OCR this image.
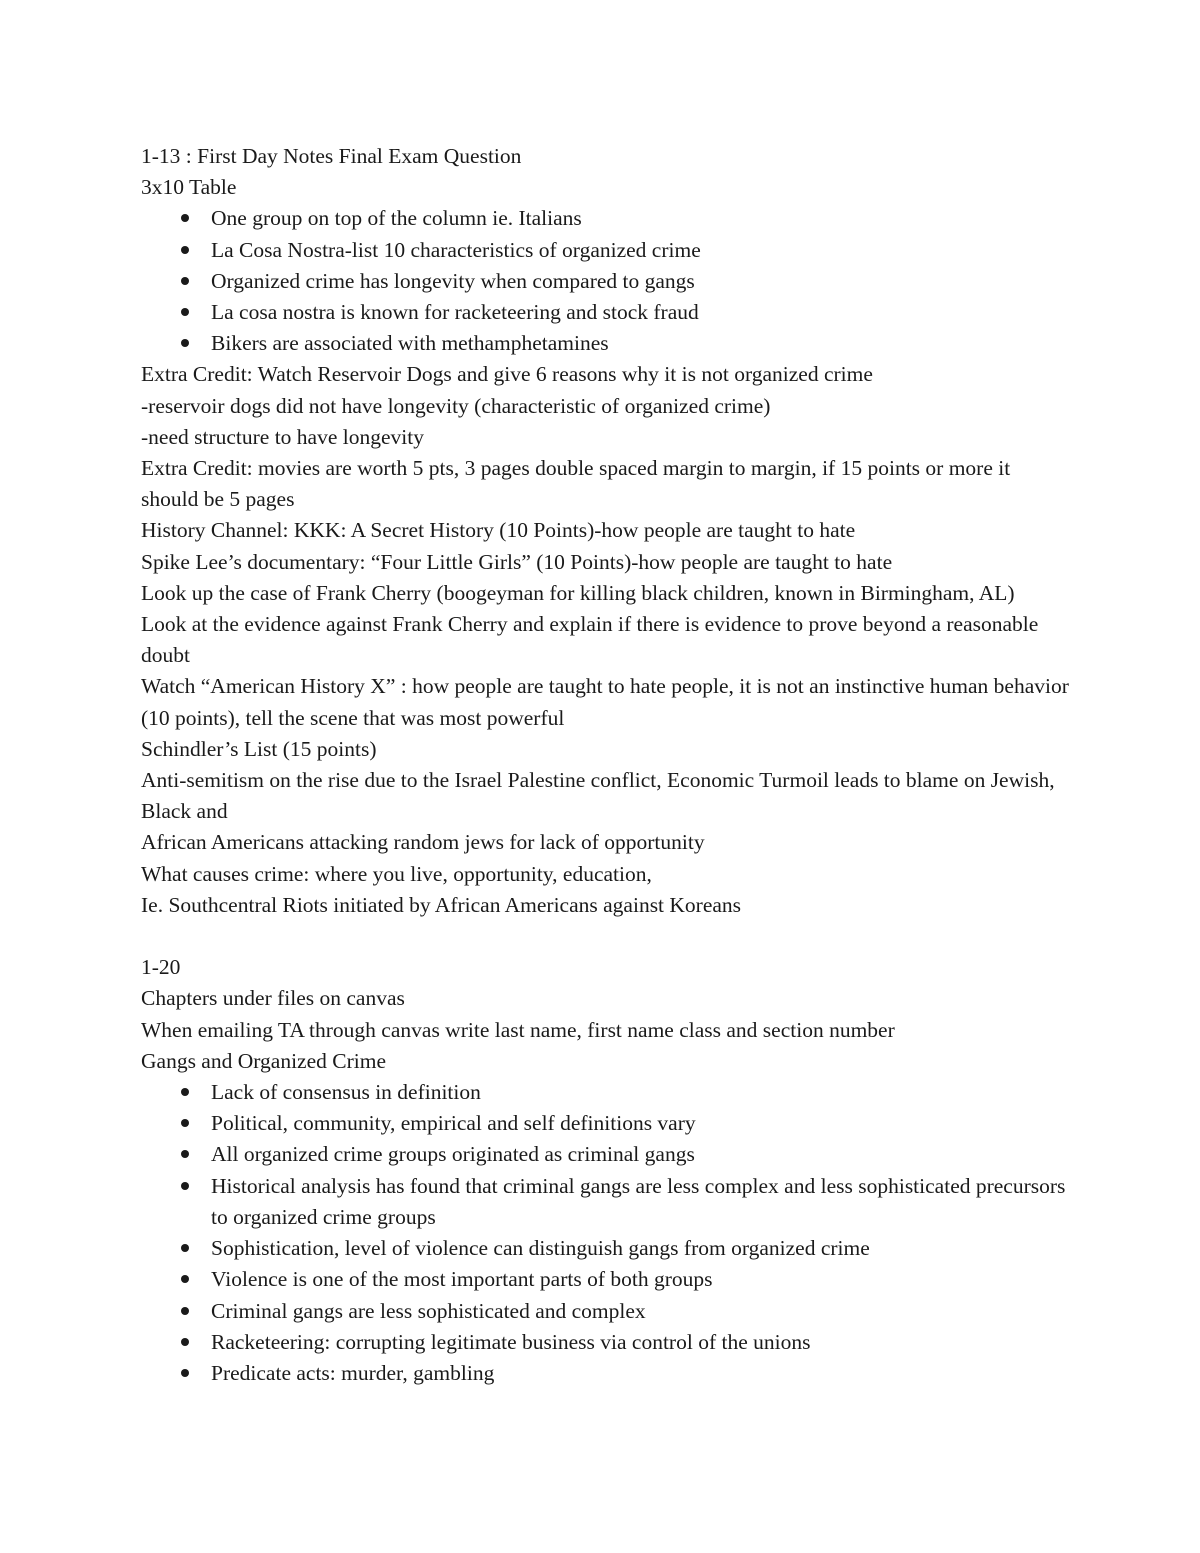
1-13 : First Day Notes Final Exam Question

3x10 Table

One group on top of the column ie. Italians
La Cosa Nostra-list 10 characteristics of organized crime
Organized crime has longevity when compared to gangs
La cosa nostra is known for racketeering and stock fraud
Bikers are associated with methamphetamines

Extra Credit: Watch Reservoir Dogs and give 6 reasons why it is not organized crime

-reservoir dogs did not have longevity (characteristic of organized crime)

-need structure to have longevity

Extra Credit: movies are worth 5 pts, 3 pages double spaced margin to margin, if 15 points or more it should be 5 pages

History Channel: KKK: A Secret History (10 Points)-how people are taught to hate

Spike Lee’s documentary: “Four Little Girls” (10 Points)-how people are taught to hate

Look up the case of Frank Cherry (boogeyman for killing black children, known in Birmingham, AL)

Look at the evidence against Frank Cherry and explain if there is evidence to prove beyond a reasonable doubt

Watch “American History X” : how people are taught to hate people, it is not an instinctive human behavior (10 points), tell the scene that was most powerful

Schindler’s List (15 points)

Anti-semitism on the rise due to the Israel Palestine conflict, Economic Turmoil leads to blame on Jewish, Black and

African Americans attacking random jews for lack of opportunity

What causes crime: where you live, opportunity, education,

Ie. Southcentral Riots initiated by African Americans against Koreans

1-20

Chapters under files on canvas

When emailing TA through canvas write last name, first name class and section number

Gangs and Organized Crime

Lack of consensus in definition
Political, community, empirical and self definitions vary
All organized crime groups originated as criminal gangs
Historical analysis has found that criminal gangs are less complex and less sophisticated precursors to organized crime groups
Sophistication, level of violence can distinguish gangs from organized crime
Violence is one of the most important parts of both groups
Criminal gangs are less sophisticated and complex
Racketeering: corrupting legitimate business via control of the unions
Predicate acts: murder, gambling
